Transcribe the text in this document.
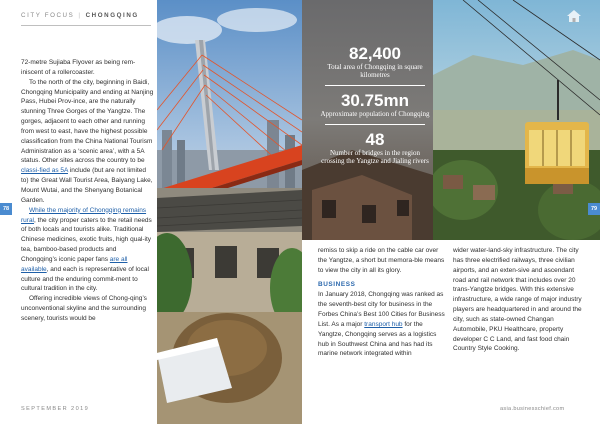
CITY FOCUS | CHONGQING

72-metre Sujiaba Flyover as being rem-iniscent of a rollercoaster.

To the north of the city, beginning in Baidi, Chongqing Municipality and ending at Nanjing Pass, Hubei Prov-ince, are the naturally stunning Three Gorges of the Yangtze. The gorges, adjacent to each other and running from west to east, have the highest possible classification from the China National Tourism Administration as a ‘scenic area’, with a 5A status. Other sites across the country to be classi-fied as 5A include (but are not limited to) the Great Wall Tourist Area, Baiyang Lake, Mount Wutai, and the Shenyang Botanical Garden.

While the majority of Chongqing remains rural, the city proper caters to the retail needs of both locals and tourists alike. Traditional Chinese medicines, exotic fruits, high qual-ity tea, bamboo-based products and Chongqing’s iconic paper fans are all available, and each is representative of local culture and the enduring commit-ment to cultural tradition in the city.

Offering incredible views of Chong-qing’s unconventional skyline and the surrounding scenery, tourists would be

78
82,400
Total area of Chongqing in square kilometres
30.75mn
Approximate population of Chongqing
48
Number of bridges in the region crossing the Yangtze and Jialing rivers
79

remiss to skip a ride on the cable car over the Yangtze, a short but memora-ble means to view the city in all its glory.

BUSINESS

In January 2018, Chongqing was ranked as the seventh-best city for business in the Forbes China’s Best 100 Cities for Business List. As a major transport hub for the Yangtze, Chongqing serves as a logistics hub in Southwest China and has had its marine network integrated within

wider water-land-sky infrastructure. The city has three electrified railways, three civilian airports, and an exten-sive and ascendant road and rail network that includes over 20 trans-Yangtze bridges. With this extensive infrastructure, a wide range of major industry players are headquartered in and around the city, such as state-owned Changan Automobile, PKU Healthcare, property developer C C Land, and fast food chain Country Style Cooking.

SEPTEMBER 2019	asia.businesschief.com
